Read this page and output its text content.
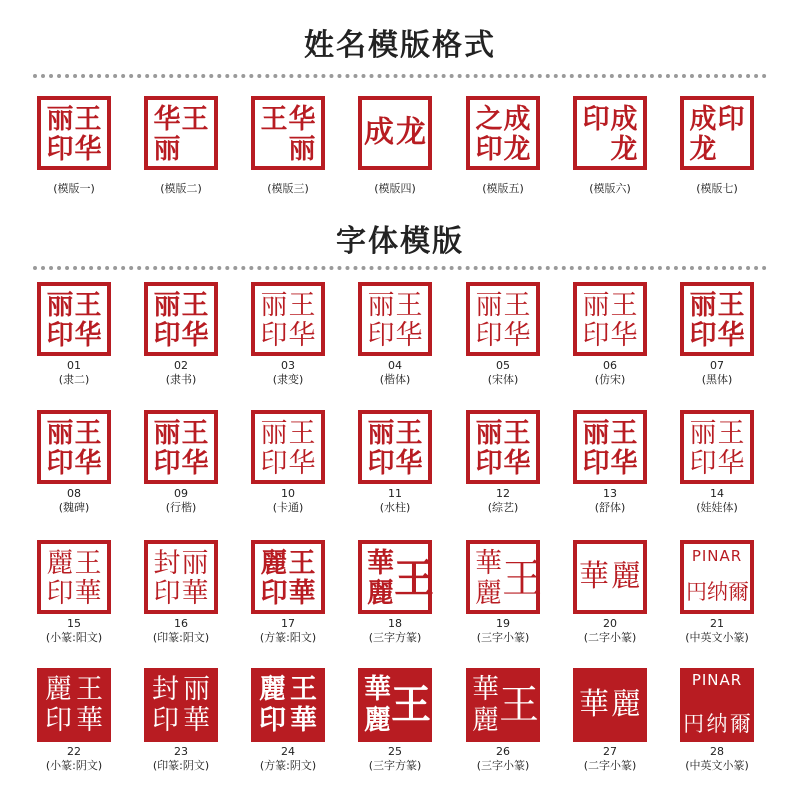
姓名模版格式
丽 王
印 华
(模版一)
华 王
丽
(模版二)
王 华
丽
(模版三)
成 龙
(模版四)
之 成
印 龙
(模版五)
印 成
龙
(模版六)
成 印
龙
(模版七)
字体模版
丽 王
印 华
01
(隶二)
丽 王
印 华
02
(隶书)
丽 王
印 华
03
(隶变)
丽 王
印 华
04
(楷体)
丽 王
印 华
05
(宋体)
丽 王
印 华
06
(仿宋)
丽 王
印 华
07
(黑体)
丽 王
印 华
08
(魏碑)
丽 王
印 华
09
(行楷)
丽 王
印 华
10
(卡通)
丽 王
印 华
11
(水柱)
丽 王
印 华
12
(综艺)
丽 王
印 华
13
(舒体)
丽 王
印 华
14
(娃娃体)
麗 王
印 華
15
(小篆:阳文)
封 丽
印 華
16
(印篆:阳文)
麗 王
印 華
17
(方篆:阳文)
華 王
麗
18
(三字方篆)
華 王
麗
19
(三字小篆)
華 麗
20
(二字小篆)
PINAR
円 纳 爾
21
(中英文小篆)
麗 王
印 華
22
(小篆:阴文)
封 丽
印 華
23
(印篆:阴文)
麗 王
印 華
24
(方篆:阴文)
華 王
麗
25
(三字方篆)
華 王
麗
26
(三字小篆)
華 麗
27
(二字小篆)
PINAR
円 纳 爾
28
(中英文小篆)
